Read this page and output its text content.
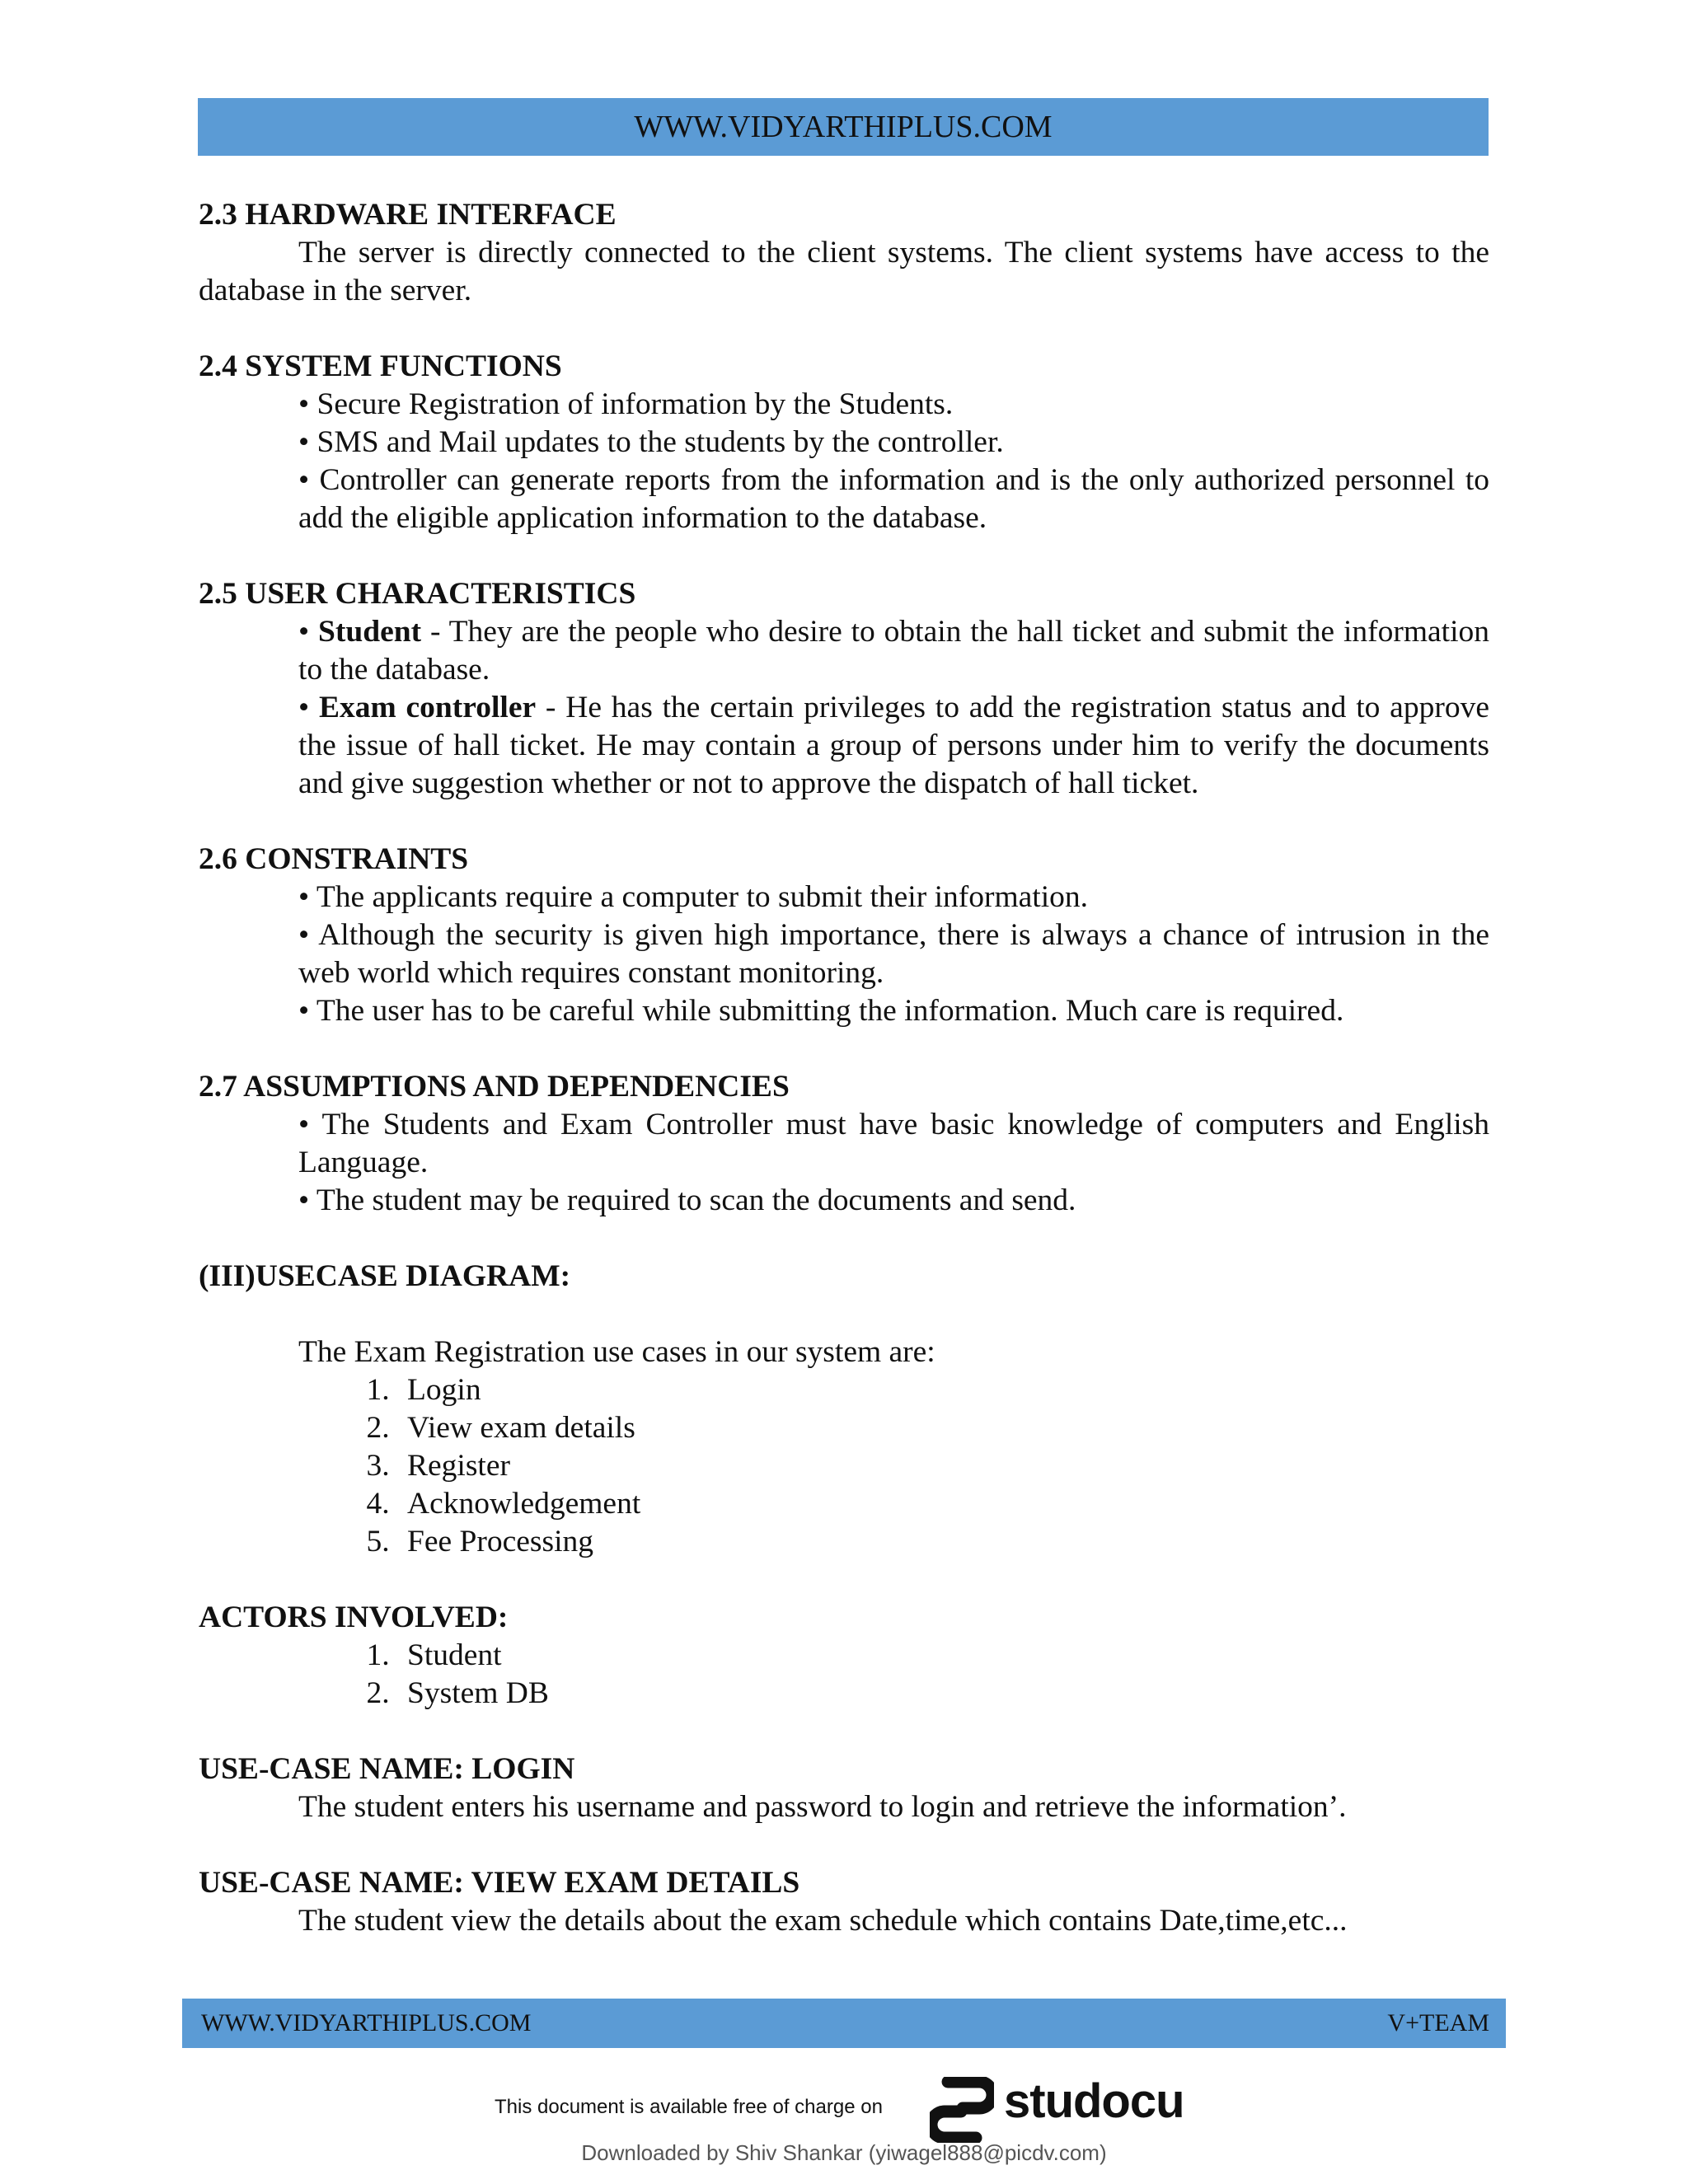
WWW.VIDYARTHIPLUS.COM

2.3 HARDWARE INTERFACE

The server is directly connected to the client systems. The client systems have access to the database in the server.

2.4 SYSTEM FUNCTIONS

• Secure Registration of information by the Students.

• SMS and Mail updates to the students by the controller.

• Controller can generate reports from the information and is the only authorized personnel to add the eligible application information to the database.

2.5 USER CHARACTERISTICS

• Student - They are the people who desire to obtain the hall ticket and submit the information to the database.

• Exam controller - He has the certain privileges to add the registration status and to approve the issue of hall ticket. He may contain a group of persons under him to verify the documents and give suggestion whether or not to approve the dispatch of hall ticket.

2.6 CONSTRAINTS

• The applicants require a computer to submit their information.

• Although the security is given high importance, there is always a chance of intrusion in the web world which requires constant monitoring.

• The user has to be careful while submitting the information. Much care is required.

2.7 ASSUMPTIONS AND DEPENDENCIES

• The Students and Exam Controller must have basic knowledge of computers and English Language.

• The student may be required to scan the documents and send.

(III)USECASE DIAGRAM:

The Exam Registration use cases in our system are:

1. Login
2. View exam details
3. Register
4. Acknowledgement
5. Fee Processing

ACTORS INVOLVED:

1. Student
2. System DB

USE-CASE NAME: LOGIN

The student enters his username and password to login and retrieve the information’.

USE-CASE NAME: VIEW EXAM DETAILS

The student view the details about the exam schedule which contains Date,time,etc...

WWW.VIDYARTHIPLUS.COM	V+TEAM
This document is available free of charge on	studocu
Downloaded by Shiv Shankar (yiwagel888@picdv.com)
